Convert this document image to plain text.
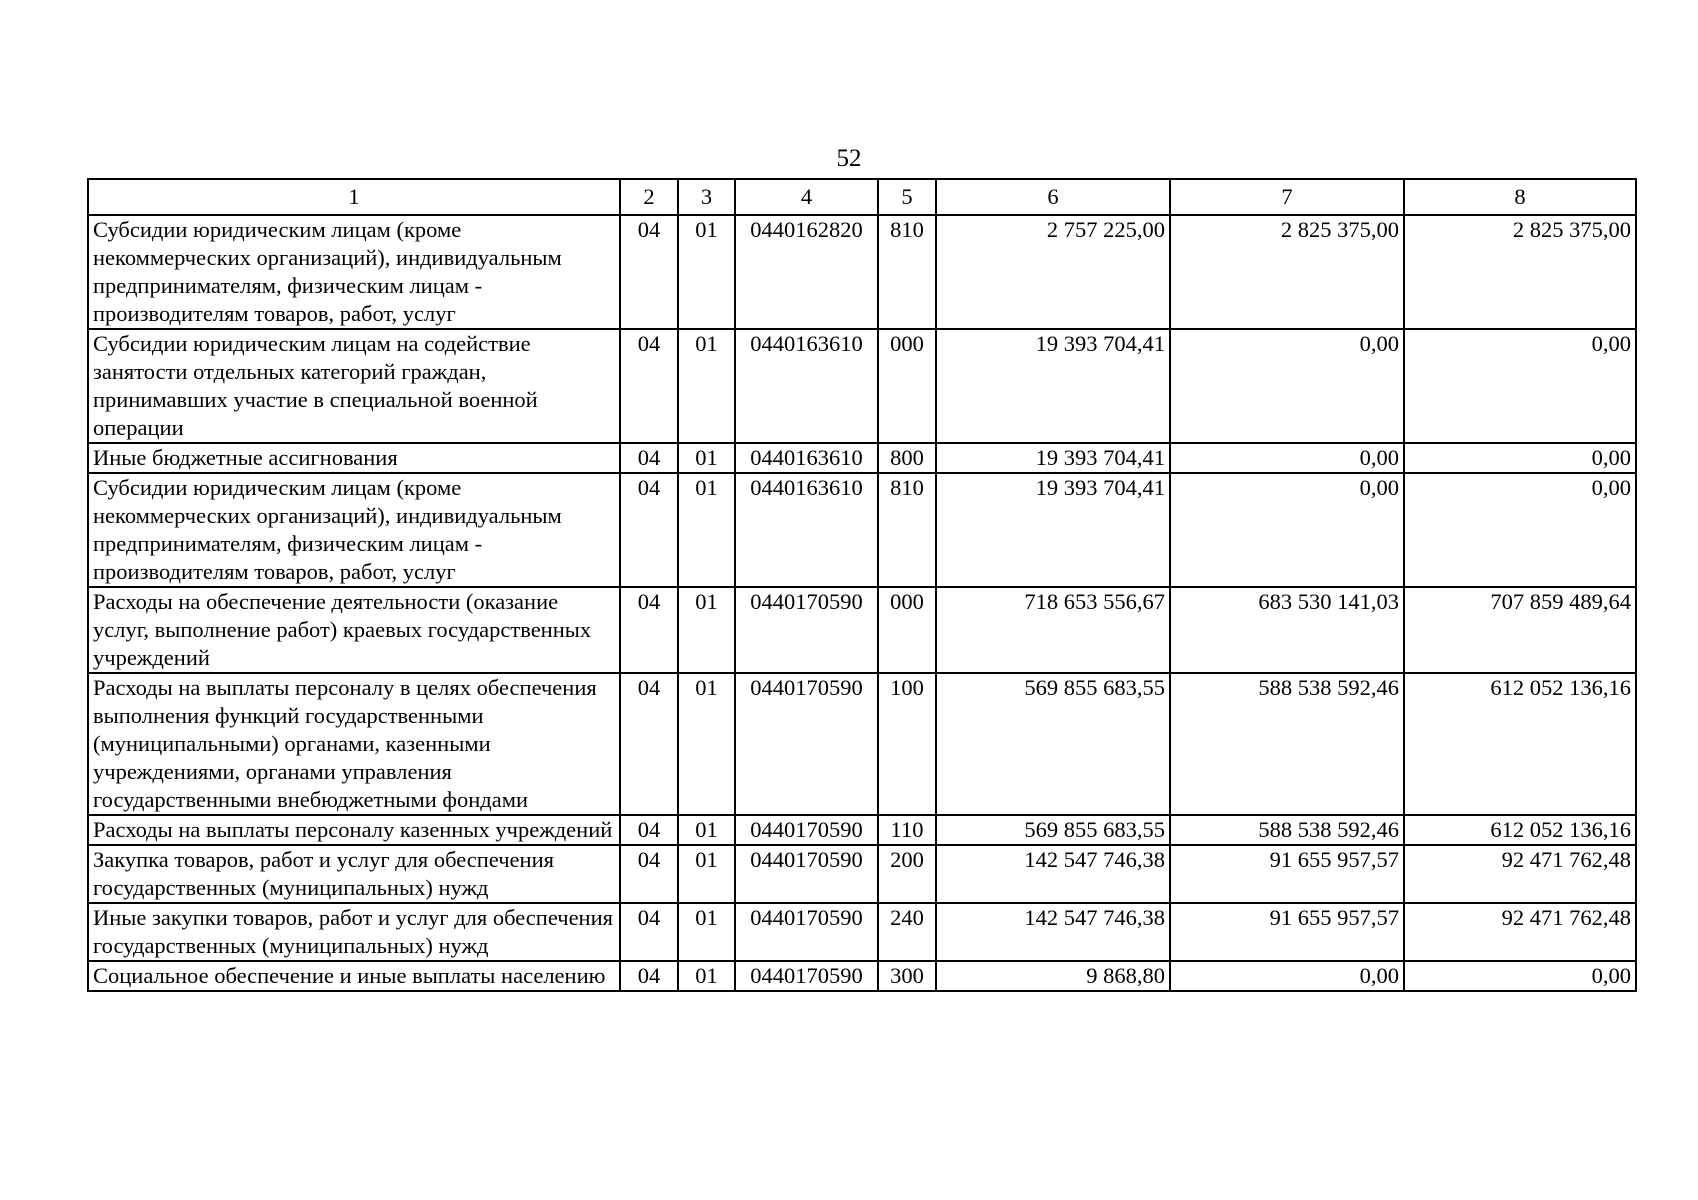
52
1	2	3	4	5	6	7	8
Субсидии юридическим лицам (кроме некоммерческих организаций), индивидуальным предпринимателям, физическим лицам - производителям товаров, работ, услуг	04	01	0440162820	810	2 757 225,00	2 825 375,00	2 825 375,00
Субсидии юридическим лицам на содействие занятости отдельных категорий граждан, принимавших участие в специальной военной операции	04	01	0440163610	000	19 393 704,41	0,00	0,00
Иные бюджетные ассигнования	04	01	0440163610	800	19 393 704,41	0,00	0,00
Субсидии юридическим лицам (кроме некоммерческих организаций), индивидуальным предпринимателям, физическим лицам - производителям товаров, работ, услуг	04	01	0440163610	810	19 393 704,41	0,00	0,00
Расходы на обеспечение деятельности (оказание услуг, выполнение работ) краевых государственных учреждений	04	01	0440170590	000	718 653 556,67	683 530 141,03	707 859 489,64
Расходы на выплаты персоналу в целях обеспечения выполнения функций государственными (муниципальными) органами, казенными учреждениями, органами управления государственными внебюджетными фондами	04	01	0440170590	100	569 855 683,55	588 538 592,46	612 052 136,16
Расходы на выплаты персоналу казенных учреждений	04	01	0440170590	110	569 855 683,55	588 538 592,46	612 052 136,16
Закупка товаров, работ и услуг для обеспечения государственных (муниципальных) нужд	04	01	0440170590	200	142 547 746,38	91 655 957,57	92 471 762,48
Иные закупки товаров, работ и услуг для обеспечения государственных (муниципальных) нужд	04	01	0440170590	240	142 547 746,38	91 655 957,57	92 471 762,48
Социальное обеспечение и иные выплаты населению	04	01	0440170590	300	9 868,80	0,00	0,00
